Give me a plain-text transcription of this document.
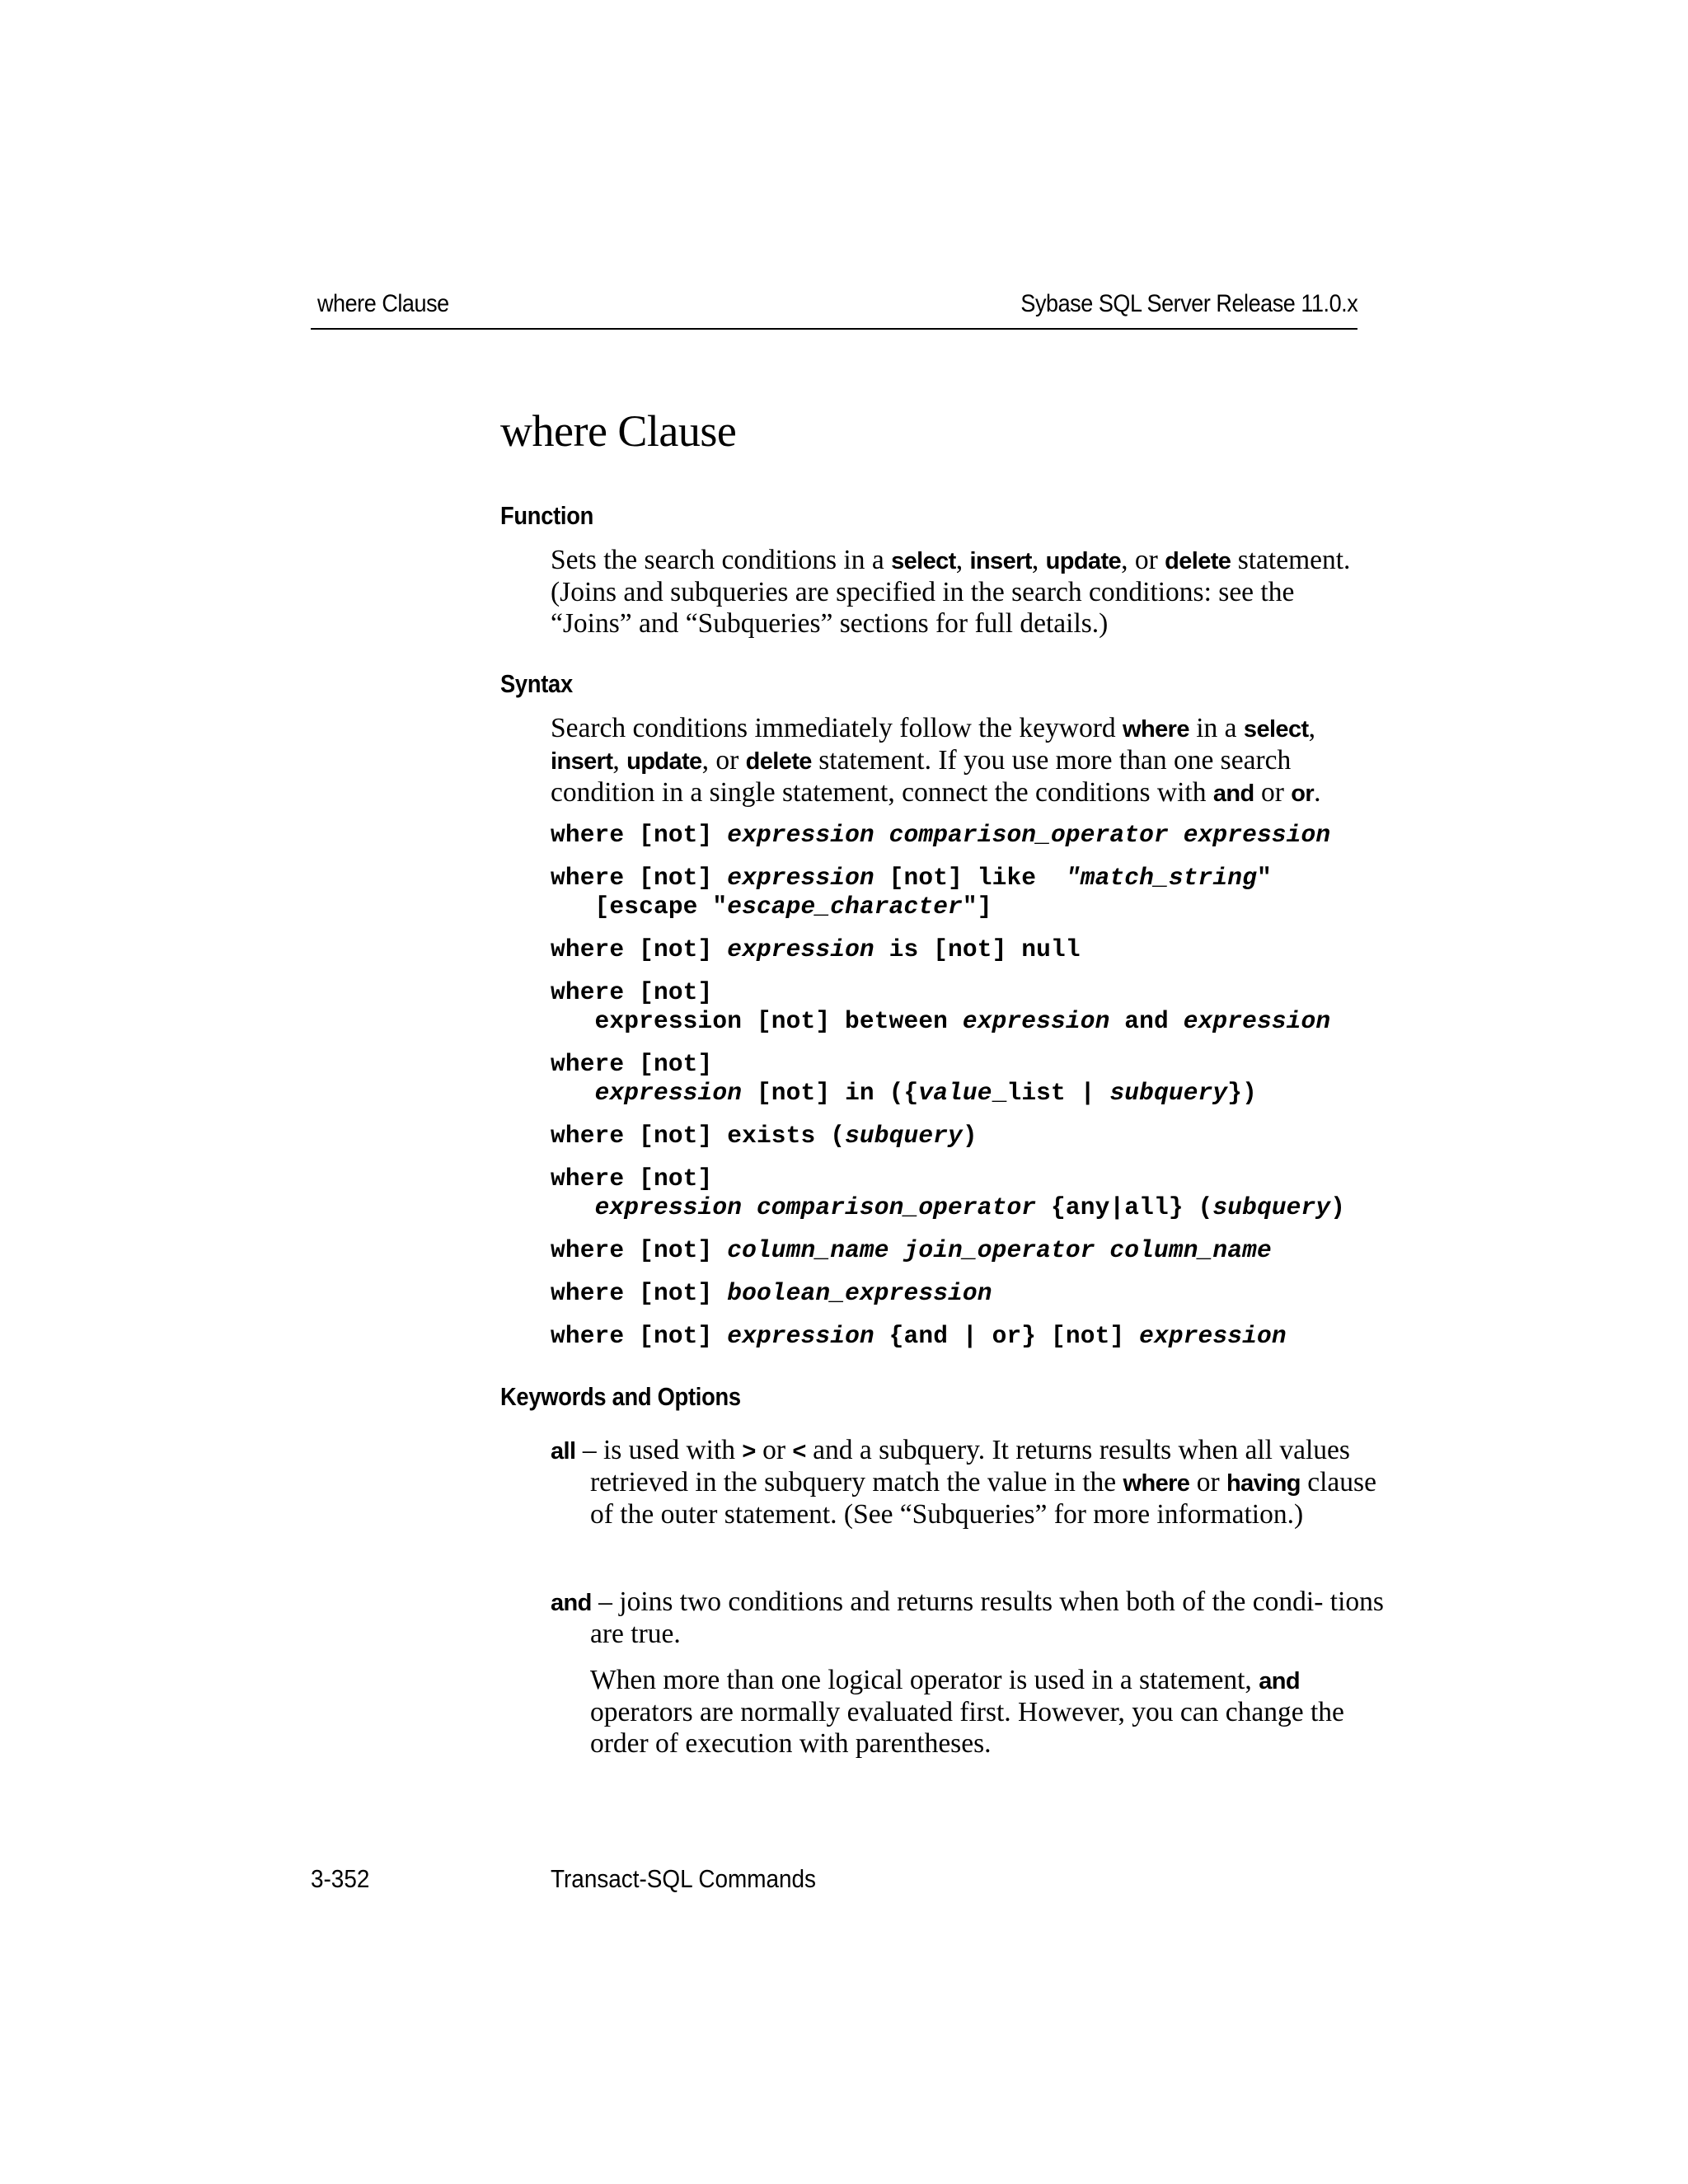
where Clause	Sybase SQL Server Release 11.0.x
where Clause
Function

Sets the search conditions in a select, insert, update, or delete statement. (Joins and subqueries are specified in the search conditions: see the “Joins” and “Subqueries” sections for full details.)

Syntax

Search conditions immediately follow the keyword where in a select, insert, update, or delete statement. If you use more than one search condition in a single statement, connect the conditions with and or or.

where [not] expression comparison_operator expression
where [not] expression [not] like  "match_string"
[escape "escape_character"]
where [not] expression is [not] null
where [not]
expression [not] between expression and expression
where [not]
expression [not] in ({value_list | subquery})
where [not] exists (subquery)
where [not]
expression comparison_operator {any|all} (subquery)
where [not] column_name join_operator column_name
where [not] boolean_expression
where [not] expression {and | or} [not] expression
Keywords and Options

all – is used with > or < and a subquery. It returns results when all values retrieved in the subquery match the value in the where or having clause of the outer statement. (See “Subqueries” for more information.)

and – joins two conditions and returns results when both of the condi- tions are true.

When more than one logical operator is used in a statement, and operators are normally evaluated first. However, you can change the order of execution with parentheses.

3-352	Transact-SQL Commands
